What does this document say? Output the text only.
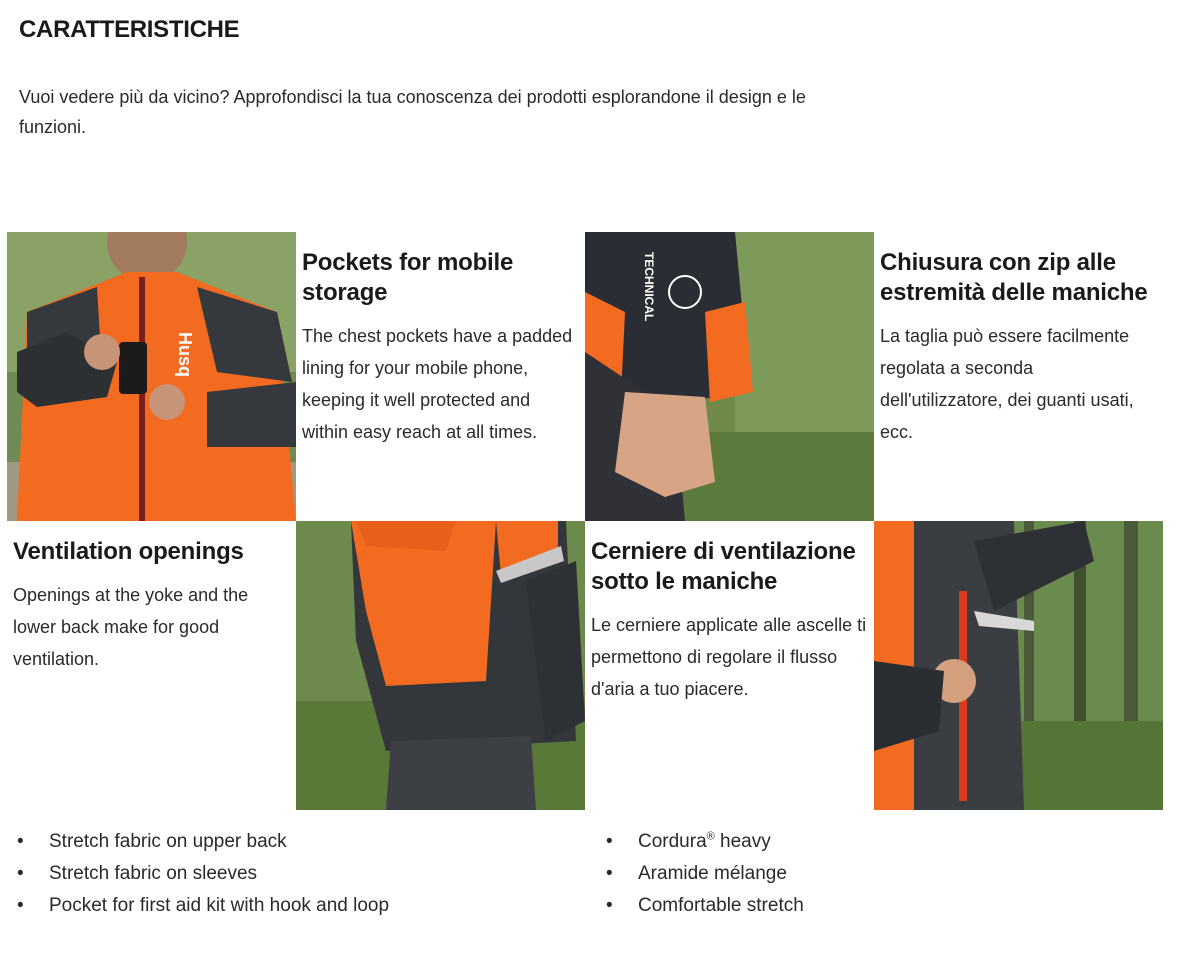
CARATTERISTICHE

Vuoi vedere più da vicino? Approfondisci la tua conoscenza dei prodotti esplorandone il design e le funzioni.

Husq
Pockets for mobile storage

The chest pockets have a padded lining for your mobile phone, keeping it well protected and within easy reach at all times.

TECHNICAL	Chiusura con zip alle estremità delle maniche

La taglia può essere facilmente regolata a seconda dell'utilizzatore, dei guanti usati, ecc.

Ventilation openings

Openings at the yoke and the lower back make for good ventilation.

Cerniere di ventilazione sotto le maniche

Le cerniere applicate alle ascelle ti permettono di regolare il flusso d'aria a tuo piacere.

• Stretch fabric on upper back
• Stretch fabric on sleeves
• Pocket for first aid kit with hook and loop
• Cordura® heavy
• Aramide mélange
• Comfortable stretch
